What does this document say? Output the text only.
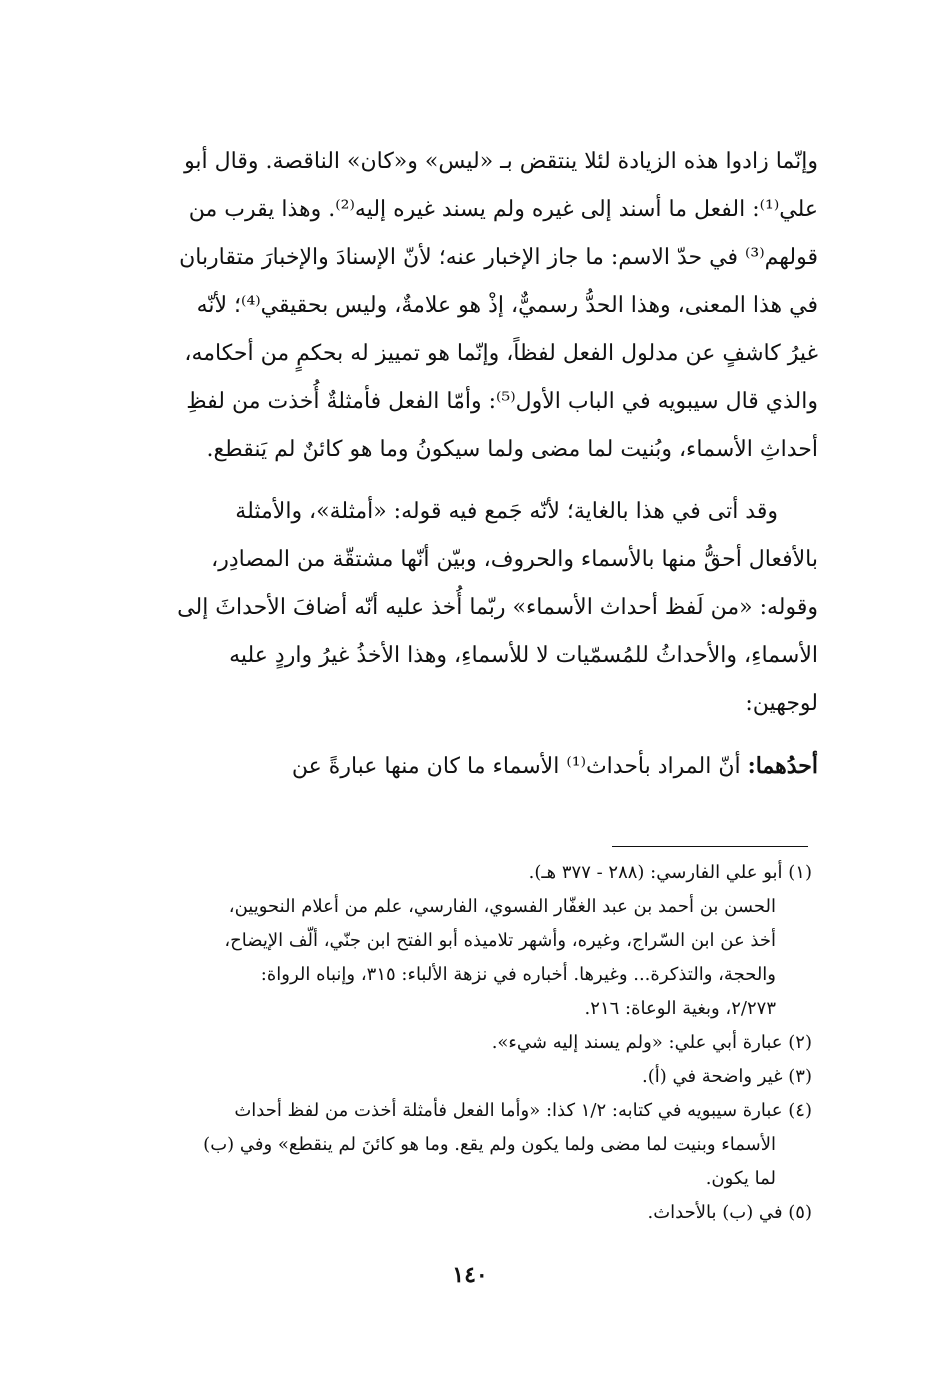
وإنّما زادوا هذه الزيادة لئلا ينتقض بـ «ليس» و«كان» الناقصة. وقال أبو
علي⁽¹⁾: الفعل ما أسند إلى غيره ولم يسند غيره إليه⁽²⁾. وهذا يقرب من
قولهم⁽³⁾ في حدّ الاسم: ما جاز الإخبار عنه؛ لأنّ الإسنادَ والإخبارَ متقاربان
في هذا المعنى، وهذا الحدُّ رسميٌّ، إذْ هو علامةٌ، وليس بحقيقي⁽⁴⁾؛ لأنّه
غيرُ كاشفٍ عن مدلول الفعل لفظاً، وإنّما هو تمييز له بحكمٍ من أحكامه،
والذي قال سيبويه في الباب الأول⁽⁵⁾: وأمّا الفعل فأمثلةٌ أُخذت من لفظِ
أحداثِ الأسماء، وبُنيت لما مضى ولما سيكونُ وما هو كائنٌ لم يَنقطع.
وقد أتى في هذا بالغاية؛ لأنّه جَمع فيه قوله: «أمثلة»، والأمثلة
بالأفعال أحقُّ منها بالأسماء والحروف، وبيّن أنّها مشتقّة من المصادِر،
وقوله: «من لَفظ أحداث الأسماء» ربّما أُخذ عليه أنّه أضافَ الأحداثَ إلى
الأسماءِ، والأحداثُ للمُسمّيات لا للأسماءِ، وهذا الأخذُ غيرُ واردٍ عليه
لوجهين:
أحدُهما: أنّ المراد بأحداث⁽¹⁾ الأسماء ما كان منها عبارةً عن
(١) أبو علي الفارسي: (٢٨٨ - ٣٧٧ هـ).
الحسن بن أحمد بن عبد الغفّار الفسوي، الفارسي، علم من أعلام النحويين،
أخذ عن ابن السّراج، وغيره، وأشهر تلاميذه أبو الفتح ابن جنّي، ألّف الإيضاح،
والحجة، والتذكرة... وغيرها. أخباره في نزهة الألباء: ٣١٥، وإنباه الرواة:
٢/٢٧٣، وبغية الوعاة: ٢١٦.
(٢) عبارة أبي علي: «ولم يسند إليه شيء».
(٣) غير واضحة في (أ).
(٤) عبارة سيبويه في كتابه: ١/٢ كذا: «وأما الفعل فأمثلة أخذت من لفظ أحداث
الأسماء وبنيت لما مضى ولما يكون ولم يقع. وما هو كائنَ لم ينقطع» وفي (ب)
لما يكون.
(٥) في (ب) بالأحداث.
١٤٠
